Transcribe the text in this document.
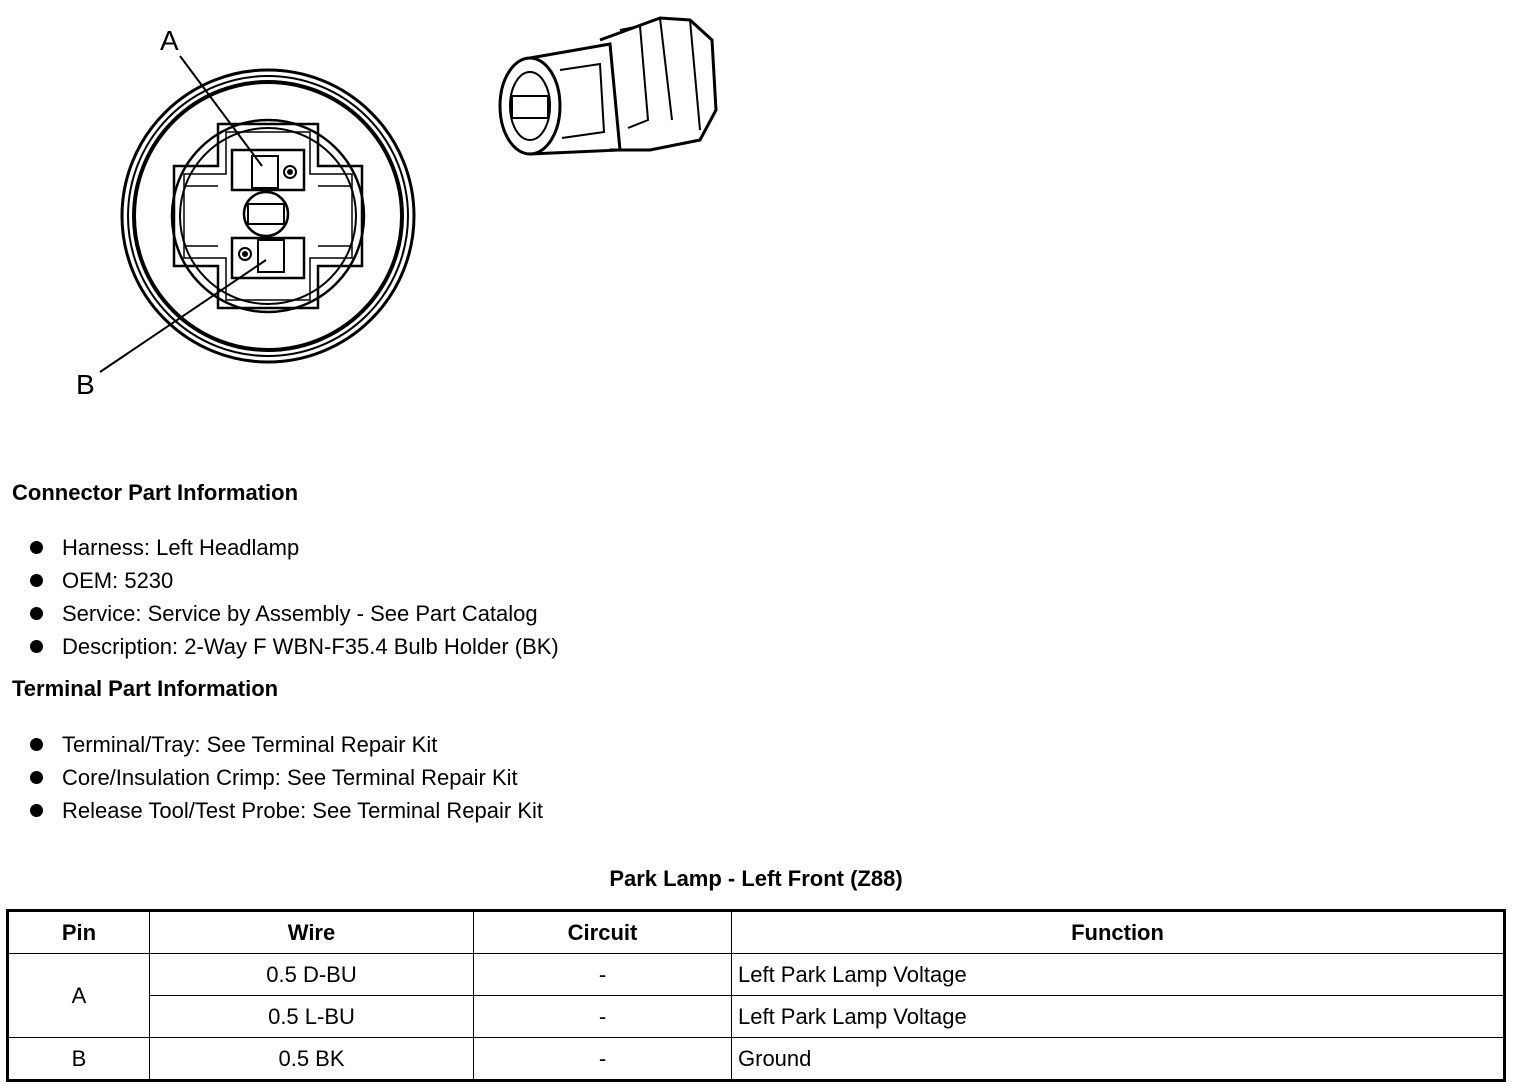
A
B
Connector Part Information
Harness: Left Headlamp
OEM: 5230
Service: Service by Assembly - See Part Catalog
Description: 2-Way F WBN-F35.4 Bulb Holder (BK)
Terminal Part Information
Terminal/Tray: See Terminal Repair Kit
Core/Insulation Crimp: See Terminal Repair Kit
Release Tool/Test Probe: See Terminal Repair Kit
Park Lamp - Left Front (Z88)
Pin	Wire	Circuit	Function
A	0.5 D-BU	-	Left Park Lamp Voltage
	0.5 L-BU	-	Left Park Lamp Voltage
B	0.5 BK	-	Ground
